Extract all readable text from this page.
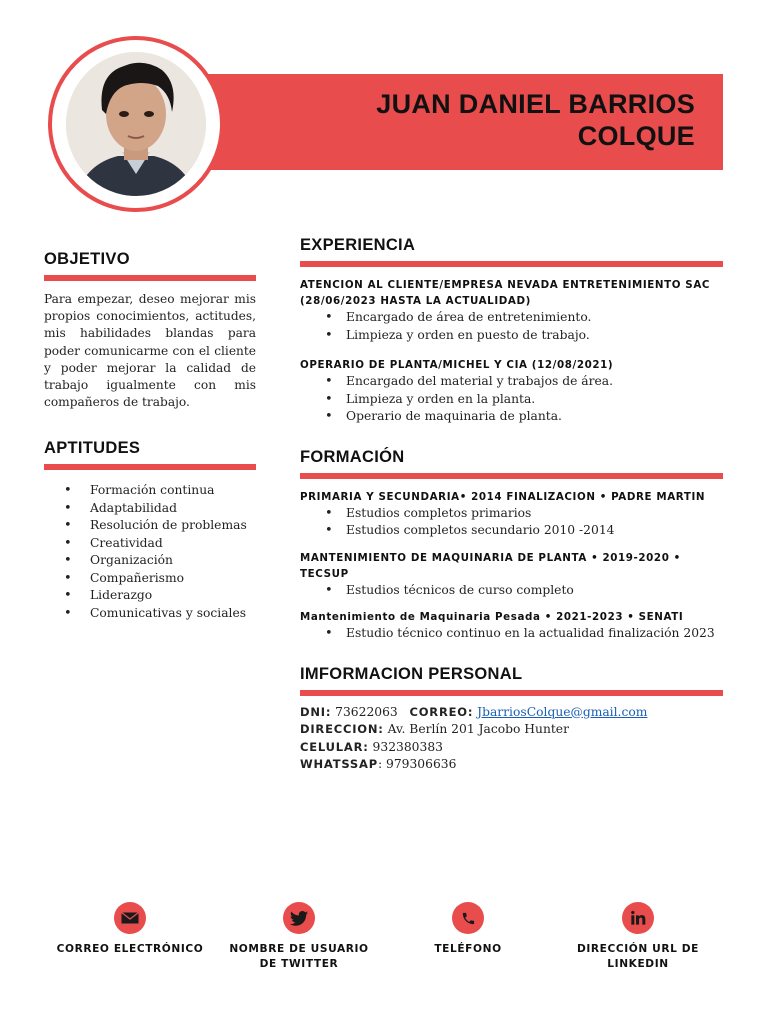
JUAN DANIEL BARRIOS
COLQUE
OBJETIVO

Para empezar, deseo mejorar mis propios conocimientos, actitudes, mis habilidades blandas para poder comunicarme con el cliente y poder mejorar la calidad de trabajo igualmente con mis compañeros de trabajo.

APTITUDES
• Formación continua
• Adaptabilidad
• Resolución de problemas
• Creatividad
• Organización
• Compañerismo
• Liderazgo
• Comunicativas y sociales
EXPERIENCIA
ATENCION AL CLIENTE/EMPRESA NEVADA ENTRETENIMIENTO SAC (28/06/2023 HASTA LA ACTUALIDAD)
• Encargado de área de entretenimiento.
• Limpieza y orden en puesto de trabajo.
OPERARIO DE PLANTA/MICHEL Y CIA (12/08/2021)
• Encargado del material y trabajos de área.
• Limpieza y orden en la planta.
• Operario de maquinaria de planta.
FORMACIÓN
PRIMARIA Y SECUNDARIA• 2014 FINALIZACION • PADRE MARTIN
• Estudios completos primarios
• Estudios completos secundario 2010 -2014
MANTENIMIENTO DE MAQUINARIA DE PLANTA • 2019-2020 • TECSUP
• Estudios técnicos de curso completo
Mantenimiento de Maquinaria Pesada • 2021-2023 • SENATI
• Estudio técnico continuo en la actualidad finalización 2023
IMFORMACION PERSONAL
DNI: 73622063 CORREO: JbarriosColque@gmail.com
DIRECCION: Av. Berlín 201 Jacobo Hunter
CELULAR: 932380383
WHATSSAP: 979306636
CORREO ELECTRÓNICO	NOMBRE DE USUARIO DE TWITTER
TELÉFONO	DIRECCIÓN URL DE LINKEDIN
